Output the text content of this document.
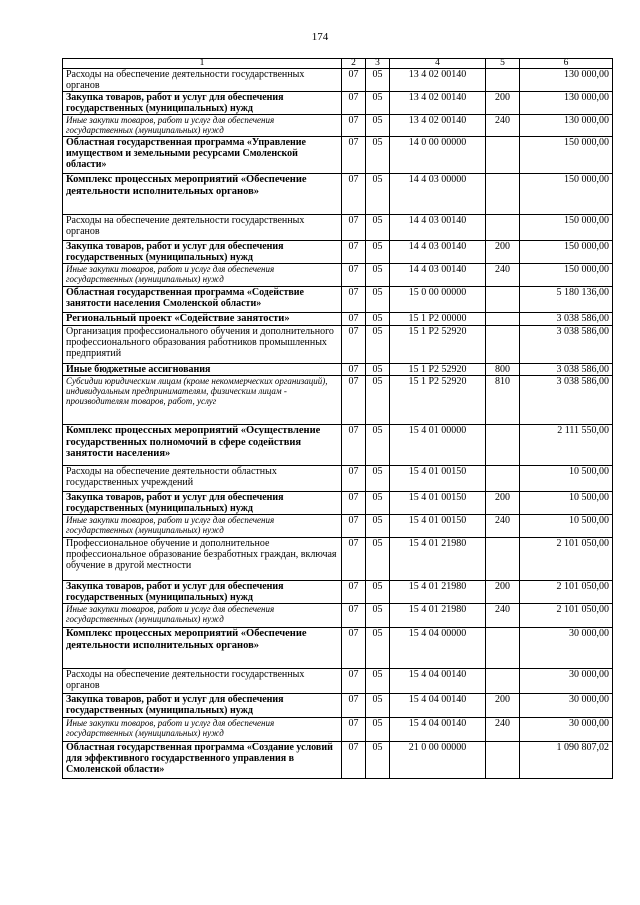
174
1	2	3	4	5	6
Расходы на обеспечение деятельности государственных органов	07	05	13 4 02 00140		130 000,00
Закупка товаров, работ и услуг для обеспечения государственных (муниципальных) нужд	07	05	13 4 02 00140	200	130 000,00
Иные закупки товаров, работ и услуг для обеспечения государственных (муниципальных) нужд	07	05	13 4 02 00140	240	130 000,00
Областная государственная программа «Управление имуществом и земельными ресурсами Смоленской области»	07	05	14 0 00 00000		150 000,00
Комплекс процессных мероприятий «Обеспечение деятельности исполнительных органов»	07	05	14 4 03 00000		150 000,00
Расходы на обеспечение деятельности государственных органов	07	05	14 4 03 00140		150 000,00
Закупка товаров, работ и услуг для обеспечения государственных (муниципальных) нужд	07	05	14 4 03 00140	200	150 000,00
Иные закупки товаров, работ и услуг для обеспечения государственных (муниципальных) нужд	07	05	14 4 03 00140	240	150 000,00
Областная государственная программа «Содействие занятости населения Смоленской области»	07	05	15 0 00 00000		5 180 136,00
Региональный проект «Содействие занятости»	07	05	15 1 Р2 00000		3 038 586,00
Организация профессионального обучения и дополнительного профессионального образования работников промышленных предприятий	07	05	15 1 Р2 52920		3 038 586,00
Иные бюджетные ассигнования	07	05	15 1 Р2 52920	800	3 038 586,00
Субсидии юридическим лицам (кроме некоммерческих организаций), индивидуальным предпринимателям, физическим лицам - производителям товаров, работ, услуг	07	05	15 1 Р2 52920	810	3 038 586,00
Комплекс процессных мероприятий «Осуществление государственных полномочий в сфере содействия занятости населения»	07	05	15 4 01 00000		2 111 550,00
Расходы на обеспечение деятельности областных государственных учреждений	07	05	15 4 01 00150		10 500,00
Закупка товаров, работ и услуг для обеспечения государственных (муниципальных) нужд	07	05	15 4 01 00150	200	10 500,00
Иные закупки товаров, работ и услуг для обеспечения государственных (муниципальных) нужд	07	05	15 4 01 00150	240	10 500,00
Профессиональное обучение и дополнительное профессиональное образование безработных граждан, включая обучение в другой местности	07	05	15 4 01 21980		2 101 050,00
Закупка товаров, работ и услуг для обеспечения государственных (муниципальных) нужд	07	05	15 4 01 21980	200	2 101 050,00
Иные закупки товаров, работ и услуг для обеспечения государственных (муниципальных) нужд	07	05	15 4 01 21980	240	2 101 050,00
Комплекс процессных мероприятий «Обеспечение деятельности исполнительных органов»	07	05	15 4 04 00000		30 000,00
Расходы на обеспечение деятельности государственных органов	07	05	15 4 04 00140		30 000,00
Закупка товаров, работ и услуг для обеспечения государственных (муниципальных) нужд	07	05	15 4 04 00140	200	30 000,00
Иные закупки товаров, работ и услуг для обеспечения государственных (муниципальных) нужд	07	05	15 4 04 00140	240	30 000,00
Областная государственная программа «Создание условий для эффективного государственного управления в Смоленской области»	07	05	21 0 00 00000		1 090 807,02
